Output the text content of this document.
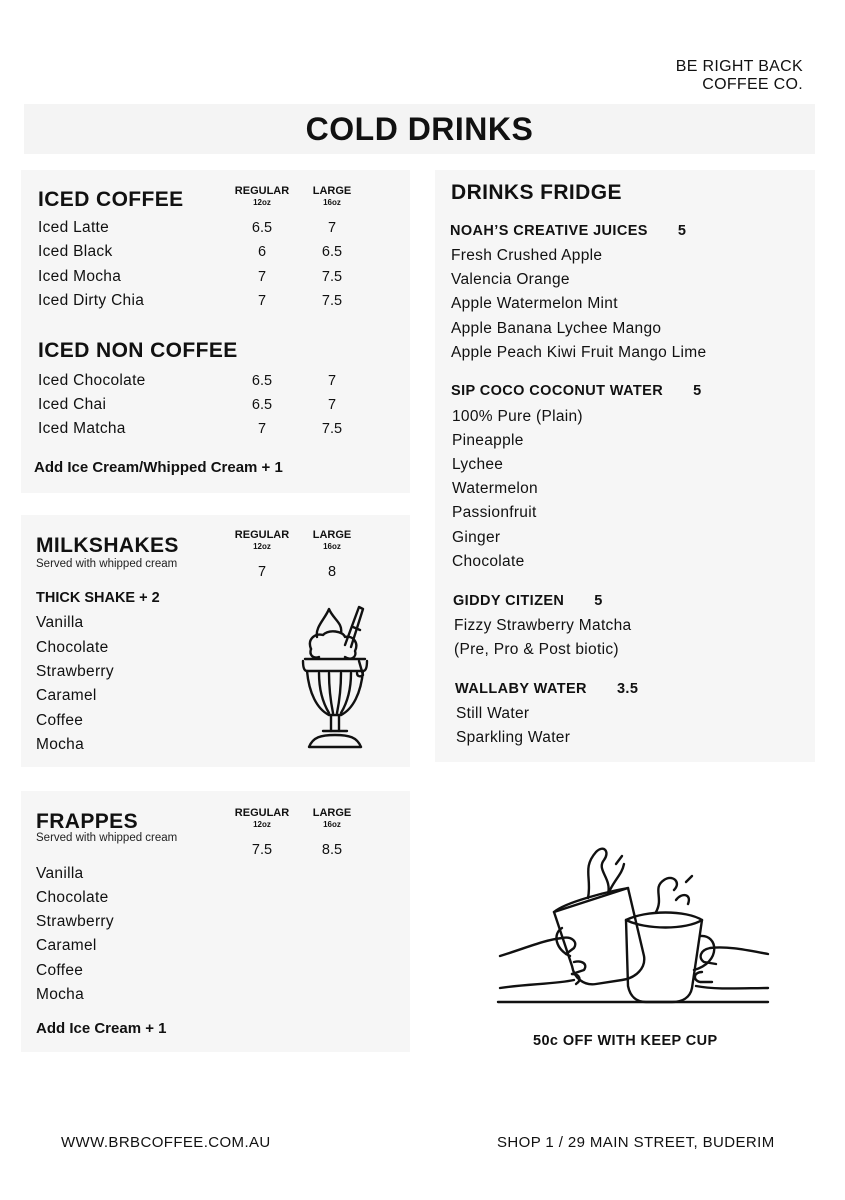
BE RIGHT BACK
COFFEE CO.
COLD DRINKS
ICED COFFEE	REGULAR
12oz
LARGE
16oz
Iced Latte	6.5	7
Iced Black	6	6.5
Iced Mocha	7	7.5
Iced Dirty Chia	7	7.5
ICED NON COFFEE
Iced Chocolate	6.5	7
Iced Chai	6.5	7
Iced Matcha	7	7.5
Add Ice Cream/Whipped Cream + 1
MILKSHAKES
Served with whipped cream
REGULAR
12oz
LARGE
16oz
7	8
THICK SHAKE + 2
Vanilla
Chocolate
Strawberry
Caramel
Coffee
Mocha
FRAPPES
Served with whipped cream
REGULAR
12oz
LARGE
16oz
7.5	8.5
Vanilla
Chocolate
Strawberry
Caramel
Coffee
Mocha
Add Ice Cream + 1
DRINKS FRIDGE
NOAH’S CREATIVE JUICES 5
Fresh Crushed Apple
Valencia Orange
Apple Watermelon Mint
Apple Banana Lychee Mango
Apple Peach Kiwi Fruit Mango Lime
SIP COCO COCONUT WATER 5
100% Pure (Plain)
Pineapple
Lychee
Watermelon
Passionfruit
Ginger
Chocolate
GIDDY CITIZEN 5
Fizzy Strawberry Matcha
(Pre, Pro & Post biotic)
WALLABY WATER 3.5
Still Water
Sparkling Water
50c OFF WITH KEEP CUP
WWW.BRBCOFFEE.COM.AU	SHOP 1 / 29 MAIN STREET, BUDERIM
